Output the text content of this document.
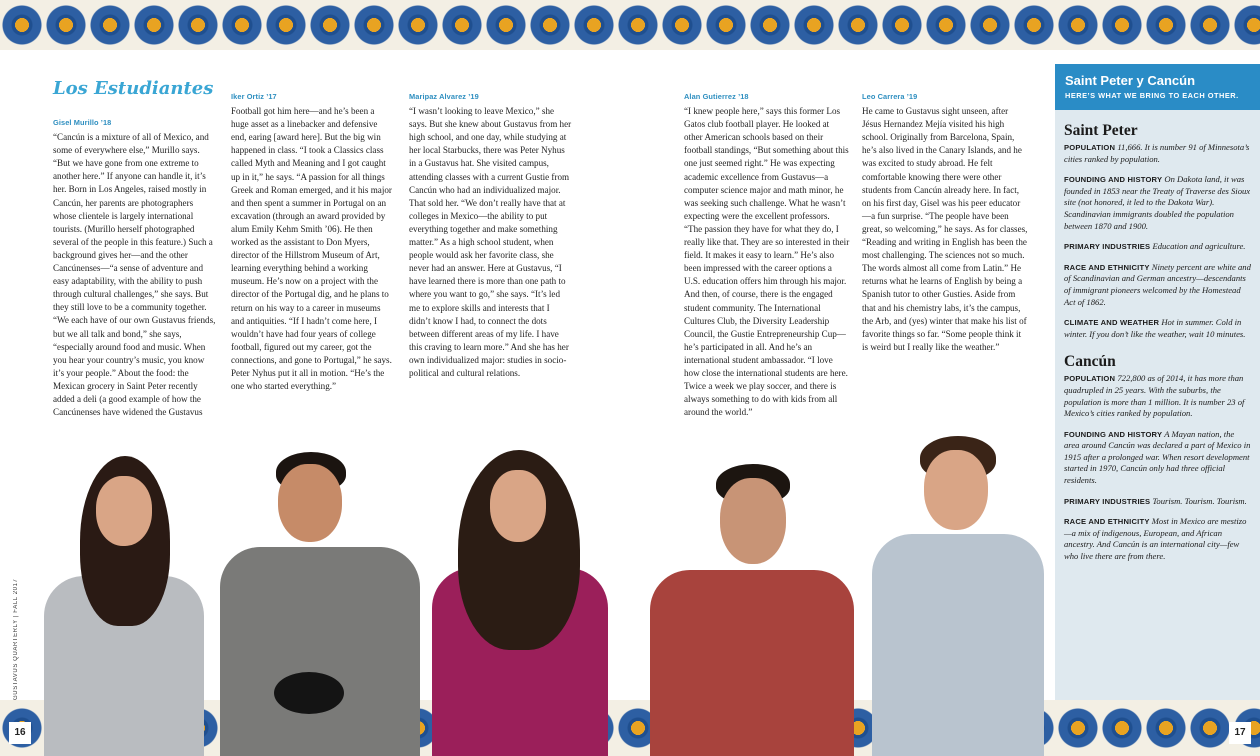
GUSTAVUS QUARTERLY | FALL 2017
16	17
Los Estudiantes
Gisel Murillo ’18

“Cancún is a mixture of all of Mexico, and some of everywhere else,” Murillo says. “But we have gone from one extreme to another here.” If anyone can handle it, it’s her. Born in Los Angeles, raised mostly in Cancún, her parents are photographers whose clientele is largely international tourists. (Murillo herself photographed several of the people in this feature.) Such a background gives her—and the other Cancúnenses—“a sense of adventure and easy adaptability, with the ability to push through cultural challenges,” she says. But they still love to be a community together. “We each have of our own Gustavus friends, but we all talk and bond,” she says, “especially around food and music. When you hear your country’s music, you know it’s your people.” About the food: the Mexican grocery in Saint Peter recently added a deli (a good example of how the Cancúnenses have widened the Gustavus

Iker Ortiz ’17

Football got him here—and he’s been a huge asset as a linebacker and defensive end, earing [award here]. But the big win happened in class. “I took a Classics class called Myth and Meaning and I got caught up in it,” he says. “A passion for all things Greek and Roman emerged, and it his major and then spent a summer in Portugal on an excavation (through an award provided by alum Emily Kehm Smith ’06). He then worked as the assistant to Don Myers, director of the Hillstrom Museum of Art, learning everything behind a working museum. He’s now on a project with the director of the Portugal dig, and he plans to return on his way to a career in museums and antiquities. “If I hadn’t come here, I wouldn’t have had four years of college football, figured out my career, got the connections, and gone to Portugal,” he says. Peter Nyhus put it all in motion. “He’s the one who started everything.”

Maripaz Alvarez ’19

“I wasn’t looking to leave Mexico,” she says. But she knew about Gustavus from her high school, and one day, while studying at her local Starbucks, there was Peter Nyhus in a Gustavus hat. She visited campus, attending classes with a current Gustie from Cancún who had an individualized major. That sold her. “We don’t really have that at colleges in Mexico—the ability to put everything together and make something matter.” As a high school student, when people would ask her favorite class, she never had an answer. Here at Gustavus, “I have learned there is more than one path to where you want to go,” she says. “It’s led me to explore skills and interests that I didn’t know I had, to connect the dots between different areas of my life. I have this craving to learn more.” And she has her own individualized major: studies in socio-political and cultural relations.

Alan Gutierrez ’18

“I knew people here,” says this former Los Gatos club football player. He looked at other American schools based on their football standings, “But something about this one just seemed right.” He was expecting academic excellence from Gustavus—a computer science major and math minor, he was seeking such challenge. What he wasn’t expecting were the excellent professors. “The passion they have for what they do, I really like that. They are so interested in their field. It makes it easy to learn.” He’s also been impressed with the career options a U.S. education offers him through his major. And then, of course, there is the engaged student community. The International Cultures Club, the Diversity Leadership Council, the Gustie Entrepreneurship Cup—he’s participated in all. And he’s an international student ambassador. “I love how close the international students are here. Twice a week we play soccer, and there is always something to do with kids from all around the world.”

Leo Carrera ’19

He came to Gustavus sight unseen, after Jésus Hernandez Mejía visited his high school. Originally from Barcelona, Spain, he’s also lived in the Canary Islands, and he was excited to study abroad. He felt comfortable knowing there were other students from Cancún already here. In fact, on his first day, Gisel was his peer educator—a fun surprise. “The people have been great, so welcoming,” he says. As for classes, “Reading and writing in English has been the most challenging. The sciences not so much. The words almost all come from Latin.” He returns what he learns of English by being a Spanish tutor to other Gusties. Aside from that and his chemistry labs, it’s the campus, the Arb, and (yes) winter that make his list of favorite things so far. “Some people think it is weird but I really like the weather.”

Saint Peter y Cancún
HERE’S WHAT WE BRING TO EACH OTHER.
Saint Peter
POPULATION 11,666. It is number 91 of Minnesota’s cities ranked by population.
FOUNDING AND HISTORY On Dakota land, it was founded in 1853 near the Treaty of Traverse des Sioux site (not honored, it led to the Dakota War). Scandinavian immigrants doubled the population between 1870 and 1900.
PRIMARY INDUSTRIES Education and agriculture.
RACE AND ETHNICITY Ninety percent are white and of Scandinavian and German ancestry—descendants of immigrant pioneers welcomed by the Homestead Act of 1862.
CLIMATE AND WEATHER Hot in summer. Cold in winter. If you don’t like the weather, wait 10 minutes.
Cancún
POPULATION 722,800 as of 2014, it has more than quadrupled in 25 years. With the suburbs, the population is more than 1 million. It is number 23 of Mexico’s cities ranked by population.
FOUNDING AND HISTORY A Mayan nation, the area around Cancún was declared a part of Mexico in 1915 after a prolonged war. When resort development started in 1970, Cancún only had three official residents.
PRIMARY INDUSTRIES Tourism. Tourism. Tourism.
RACE AND ETHNICITY Most in Mexico are mestizo—a mix of indigenous, European, and African ancestry. And Cancún is an international city—few who live there are from there.
